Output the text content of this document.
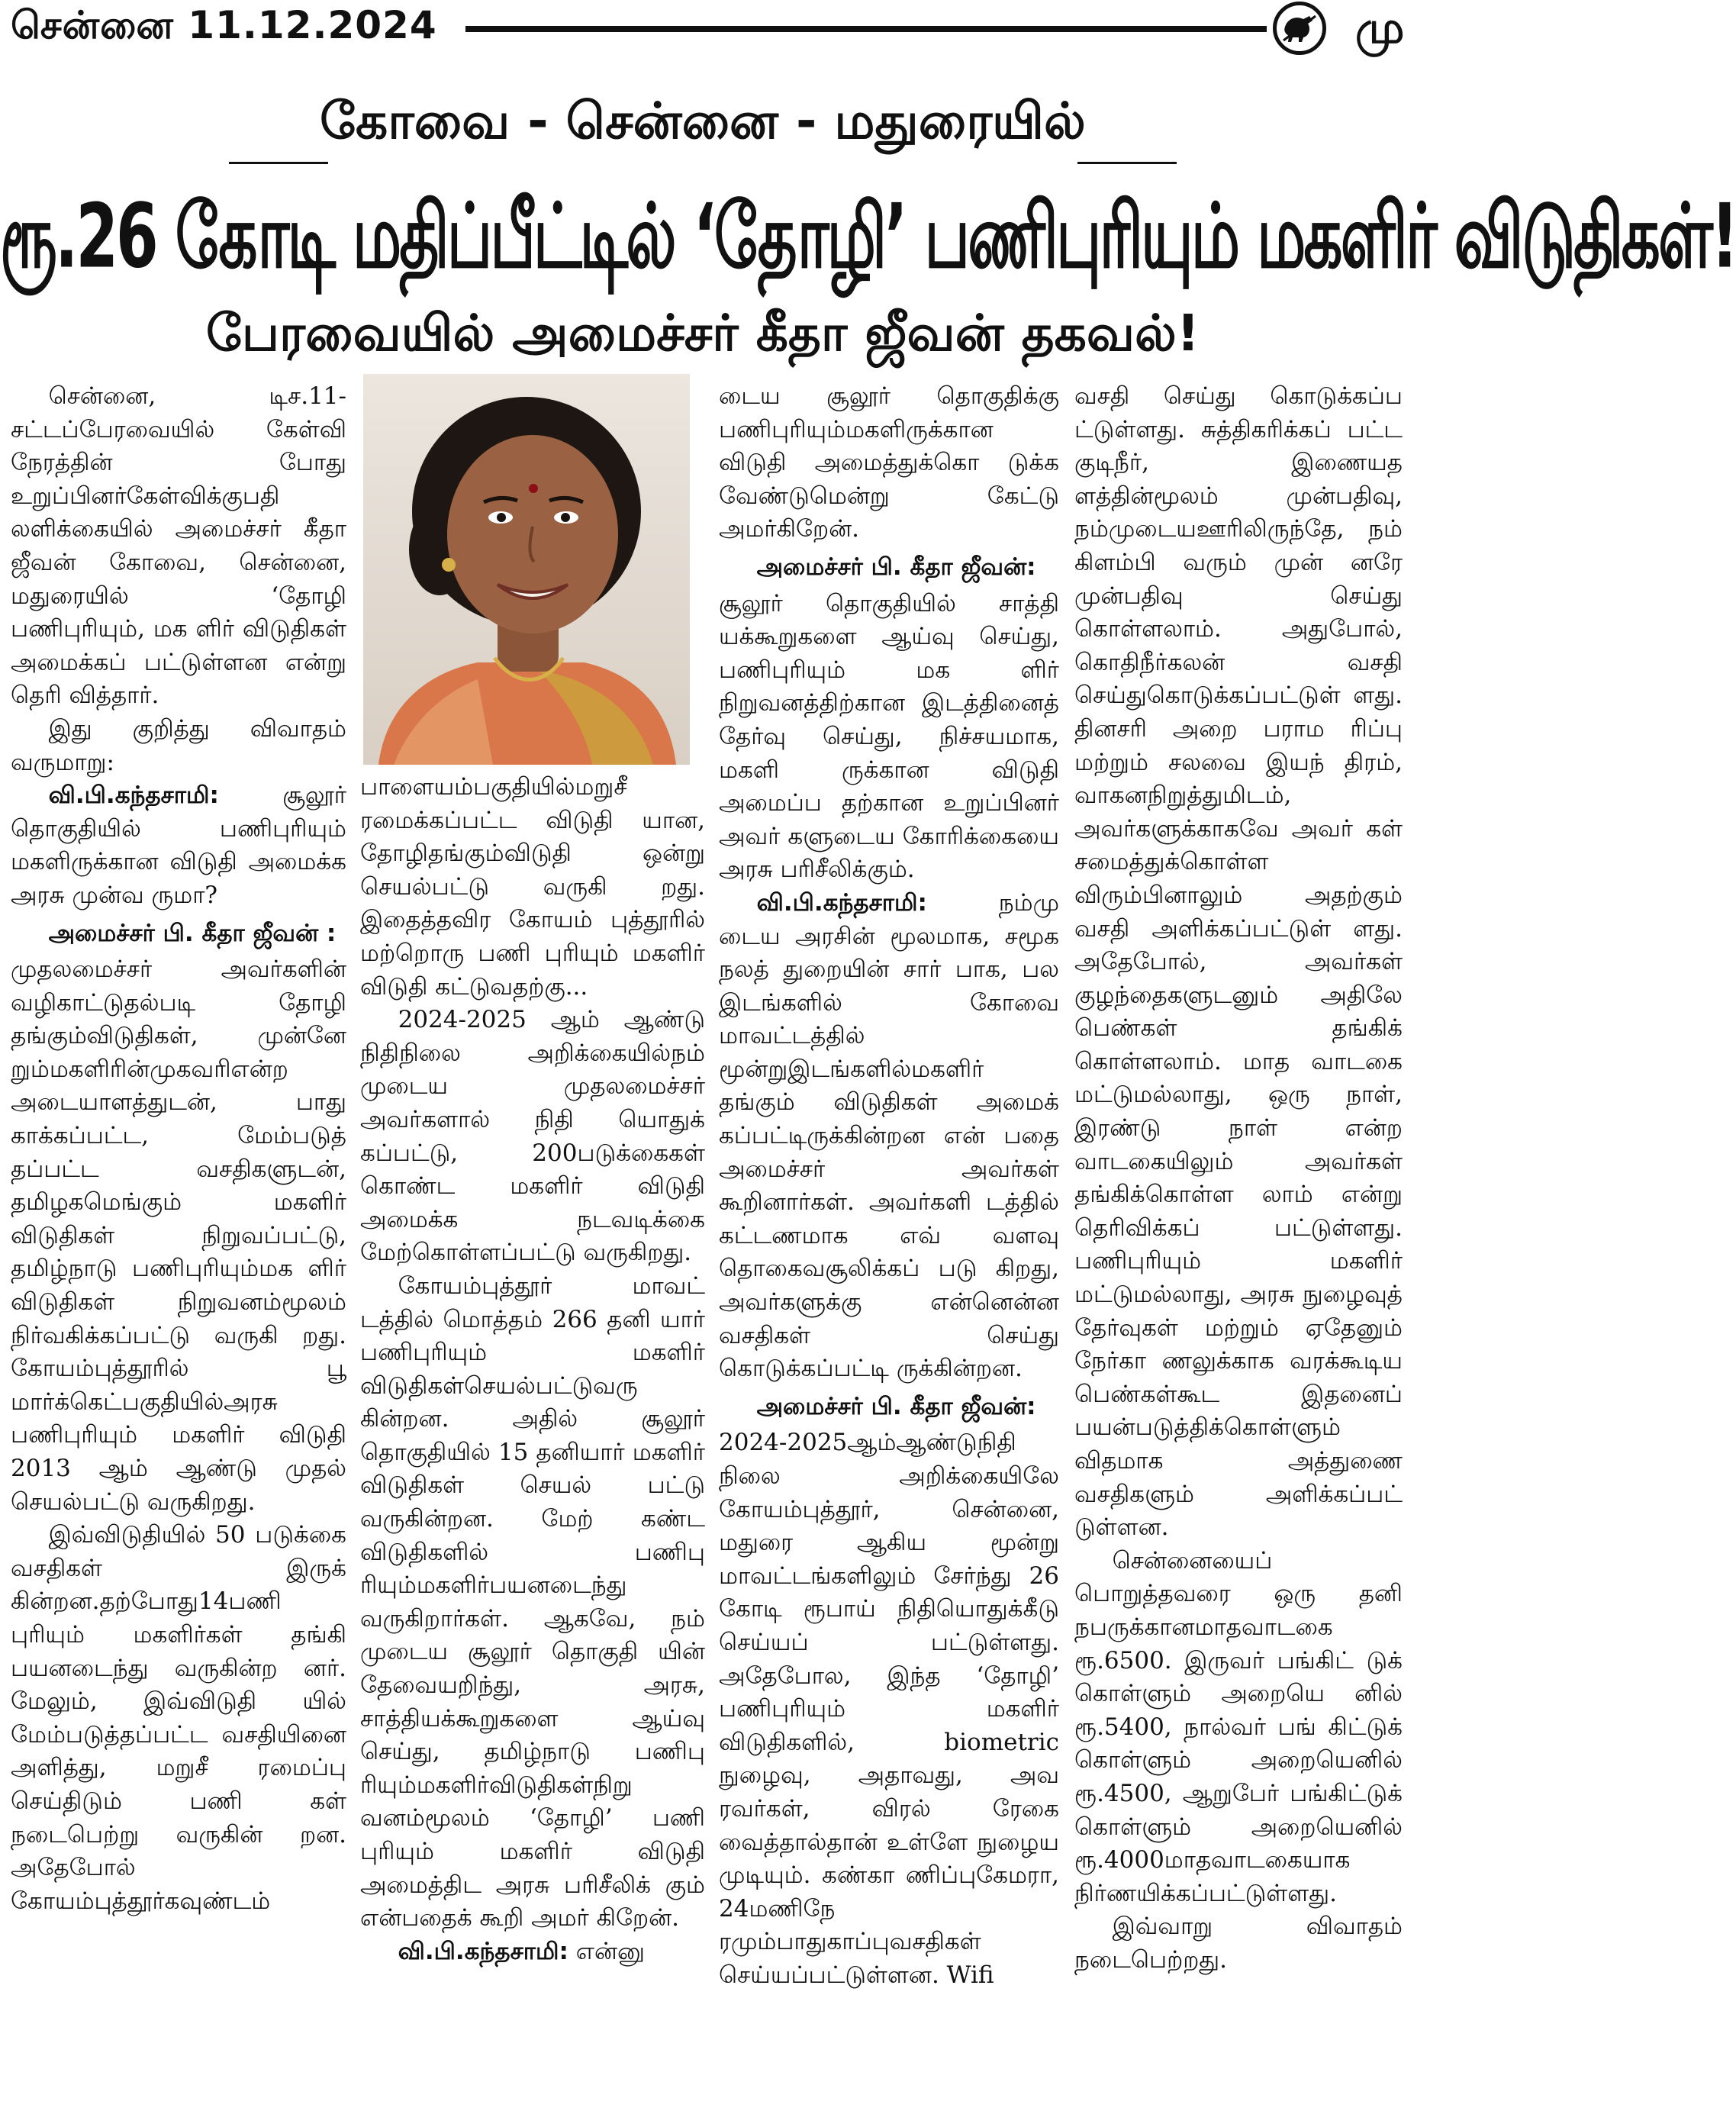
சென்னை 11.12.2024	மு
கோவை - சென்னை - மதுரையில்
ரூ.26 கோடி மதிப்பீட்டில் ‘தோழி’ பணிபுரியும் மகளிர் விடுதிகள்!
பேரவையில் அமைச்சர் கீதா ஜீவன் தகவல்!

சென்னை, டிச.11- சட்டப்பேரவையில் கேள்வி நேரத்தின் போது உறுப்பினர்கேள்விக்குபதி லளிக்கையில் அமைச்சர் கீதா ஜீவன் கோவை, சென்னை, மதுரையில் ‘தோழி பணிபுரியும், மக ளிர் விடுதிகள் அமைக்கப் பட்டுள்ளன என்று தெரி வித்தார்.

இது குறித்து விவாதம் வருமாறு:

வி.பி.கந்தசாமி:	சூலூர் தொகுதியில் பணிபுரியும் மகளிருக்கான விடுதி அமைக்க அரசு முன்வ ருமா?

அமைச்சர் பி. கீதா ஜீவன் :

முதலமைச்சர் அவர்களின் வழிகாட்டுதல்படி தோழி தங்கும்விடுதிகள், முன்னே றும்மகளிரின்முகவரிஎன்ற அடையாளத்துடன், பாது காக்கப்பட்ட, மேம்படுத் தப்பட்ட வசதிகளுடன், தமிழகமெங்கும் மகளிர் விடுதிகள் நிறுவப்பட்டு, தமிழ்நாடு பணிபுரியும்மக ளிர் விடுதிகள் நிறுவனம்மூலம் நிர்வகிக்கப்பட்டு வருகி றது. கோயம்புத்தூரில் பூ மார்க்கெட்பகுதியில்அரசு பணிபுரியும் மகளிர் விடுதி 2013 ஆம் ஆண்டு முதல் செயல்பட்டு வருகிறது.

இவ்விடுதியில் 50 படுக்கை வசதிகள் இருக் கின்றன.தற்போது14பணி புரியும் மகளிர்கள் தங்கி பயனடைந்து வருகின்ற னர். மேலும், இவ்விடுதி யில் மேம்படுத்தப்பட்ட வசதியினை அளித்து, மறுசீ ரமைப்பு செய்திடும் பணி கள் நடைபெற்று வருகின் றன. அதேபோல் கோயம்புத்தூர்கவுண்டம்

பாளையம்பகுதியில்மறுசீ ரமைக்கப்பட்ட விடுதி யான, தோழிதங்கும்விடுதி ஒன்று செயல்பட்டு வருகி றது. இதைத்தவிர கோயம் புத்தூரில் மற்றொரு பணி புரியும் மகளிர் விடுதி கட்டுவதற்கு...

2024-2025 ஆம் ஆண்டு நிதிநிலை அறிக்கையில்நம் முடைய முதலமைச்சர் அவர்களால் நிதி யொதுக் கப்பட்டு, 200படுக்கைகள் கொண்ட மகளிர் விடுதி அமைக்க நடவடிக்கை மேற்கொள்ளப்பட்டு வருகிறது.

கோயம்புத்தூர் மாவட் டத்தில் மொத்தம் 266 தனி யார் பணிபுரியும் மகளிர் விடுதிகள்செயல்பட்டுவரு கின்றன. அதில் சூலூர் தொகுதியில் 15 தனியார் மகளிர் விடுதிகள் செயல் பட்டு வருகின்றன. மேற் கண்ட விடுதிகளில் பணிபு ரியும்மகளிர்பயனடைந்து வருகிறார்கள். ஆகவே, நம் முடைய சூலூர் தொகுதி யின் தேவையறிந்து, அரசு, சாத்தியக்கூறுகளை ஆய்வு செய்து, தமிழ்நாடு பணிபு ரியும்மகளிர்விடுதிகள்நிறு வனம்மூலம் ‘தோழி’ பணி புரியும் மகளிர் விடுதி அமைத்திட அரசு பரிசீலிக் கும் என்பதைக் கூறி அமர் கிறேன்.

வி.பி.கந்தசாமி: என்னு

டைய சூலூர் தொகுதிக்கு பணிபுரியும்மகளிருக்கான விடுதி அமைத்துக்கொ டுக்க வேண்டுமென்று கேட்டு அமர்கிறேன்.

அமைச்சர் பி. கீதா ஜீவன்:

சூலூர் தொகுதியில் சாத்தி யக்கூறுகளை ஆய்வு செய்து, பணிபுரியும் மக ளிர் நிறுவனத்திற்கான இடத்தினைத் தேர்வு செய்து, நிச்சயமாக, மகளி ருக்கான விடுதி அமைப்ப தற்கான உறுப்பினர் அவர் களுடைய கோரிக்கையை அரசு பரிசீலிக்கும்.

வி.பி.கந்தசாமி:	நம்மு டைய அரசின் மூலமாக, சமூக நலத் துறையின் சார் பாக, பல இடங்களில் கோவை மாவட்டத்தில் மூன்றுஇடங்களில்மகளிர் தங்கும் விடுதிகள் அமைக் கப்பட்டிருக்கின்றன என் பதை அமைச்சர் அவர்கள் கூறினார்கள். அவர்களி டத்தில் கட்டணமாக எவ் வளவு தொகைவசூலிக்கப் படு கிறது, அவர்களுக்கு என்னென்ன வசதிகள் செய்து கொடுக்கப்பட்டி ருக்கின்றன.

அமைச்சர் பி. கீதா ஜீவன்:

2024-2025ஆம்ஆண்டுநிதி நிலை அறிக்கையிலே கோயம்புத்தூர், சென்னை, மதுரை ஆகிய மூன்று மாவட்டங்களிலும் சேர்ந்து 26 கோடி ரூபாய் நிதியொதுக்கீடு செய்யப் பட்டுள்ளது. அதேபோல, இந்த ‘தோழி’ பணிபுரியும் மகளிர் விடுதிகளில், biometric நுழைவு, அதாவது, அவ ரவர்கள், விரல் ரேகை வைத்தால்தான் உள்ளே நுழைய முடியும். கண்கா ணிப்புகேமரா, 24மணிநே ரமும்பாதுகாப்புவசதிகள் செய்யப்பட்டுள்ளன. Wifi

வசதி செய்து கொடுக்கப்ப ட்டுள்ளது. சுத்திகரிக்கப் பட்ட குடிநீர், இணையத ளத்தின்மூலம் முன்பதிவு, நம்முடையஊரிலிருந்தே, நம் கிளம்பி வரும் முன் னரே முன்பதிவு செய்து கொள்ளலாம். அதுபோல், கொதிநீர்கலன் வசதி செய்துகொடுக்கப்பட்டுள் ளது. தினசரி அறை பராம ரிப்பு மற்றும் சலவை இயந் திரம், வாகனநிறுத்துமிடம், அவர்களுக்காகவே அவர் கள் சமைத்துக்கொள்ள விரும்பினாலும் அதற்கும் வசதி அளிக்கப்பட்டுள் ளது. அதேபோல், அவர்கள் குழந்தைகளுடனும் அதிலே பெண்கள் தங்கிக் கொள்ளலாம். மாத வாடகை மட்டுமல்லாது, ஒரு நாள், இரண்டு நாள் என்ற வாடகையிலும் அவர்கள் தங்கிக்கொள்ள லாம் என்று தெரிவிக்கப் பட்டுள்ளது. பணிபுரியும் மகளிர் மட்டுமல்லாது, அரசு நுழைவுத் தேர்வுகள் மற்றும் ஏதேனும் நேர்கா ணலுக்காக வரக்கூடிய பெண்கள்கூட இதனைப் பயன்படுத்திக்கொள்ளும் விதமாக அத்துணை வசதிகளும் அளிக்கப்பட் டுள்ளன.

சென்னையைப் பொறுத்தவரை ஒரு தனி நபருக்கானமாதவாடகை ரூ.6500. இருவர் பங்கிட் டுக் கொள்ளும் அறையெ னில் ரூ.5400, நால்வர் பங் கிட்டுக் கொள்ளும் அறையெனில் ரூ.4500, ஆறுபேர் பங்கிட்டுக் கொள்ளும் அறையெனில் ரூ.4000மாதவாடகையாக நிர்ணயிக்கப்பட்டுள்ளது.

இவ்வாறு விவாதம் நடைபெற்றது.
